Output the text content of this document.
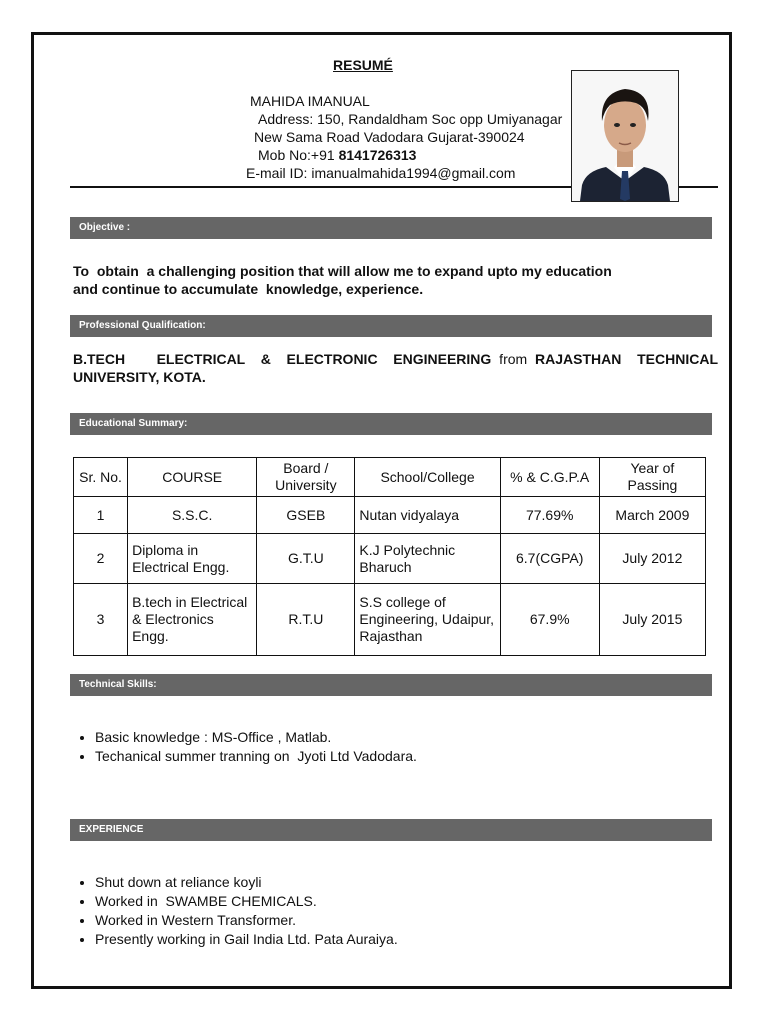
RESUMÉ
MAHIDA IMANUAL
Address: 150, Randaldham Soc opp Umiyanagar
New Sama Road Vadodara Gujarat-390024
Mob No:+91 8141726313
E-mail ID: imanualmahida1994@gmail.com
Objective :
To  obtain  a challenging position that will allow me to expand upto my education
and continue to accumulate  knowledge, experience.
Professional Qualification:
B.TECH    ELECTRICAL  &  ELECTRONIC  ENGINEERING from RAJASTHAN  TECHNICAL UNIVERSITY, KOTA.
Educational Summary:
Sr. No.	COURSE	Board / University	School/College	% & C.G.P.A	Year of Passing
1	S.S.C.	GSEB	Nutan vidyalaya	77.69%	March 2009
2	Diploma in Electrical Engg.	G.T.U	K.J Polytechnic Bharuch	6.7(CGPA)	July 2012
3	B.tech in Electrical & Electronics Engg.	R.T.U	S.S college of Engineering, Udaipur, Rajasthan	67.9%	July 2015
Technical Skills:
• Basic knowledge : MS-Office , Matlab.
• Techanical summer tranning on  Jyoti Ltd Vadodara.
EXPERIENCE
• Shut down at reliance koyli
• Worked in  SWAMBE CHEMICALS.
• Worked in Western Transformer.
• Presently working in Gail India Ltd. Pata Auraiya.
